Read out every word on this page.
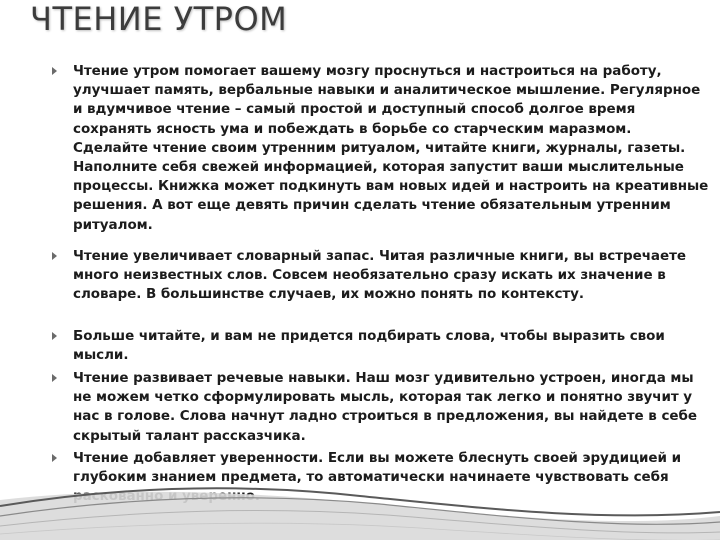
ЧТЕНИЕ УТРОМ
Чтение утром помогает вашему мозгу проснуться и настроиться на работу, улучшает память, вербальные навыки и аналитическое мышление. Регулярное и вдумчивое чтение – самый простой и доступный способ долгое время сохранять ясность ума и побеждать в борьбе со старческим маразмом. Сделайте чтение своим утренним ритуалом, читайте книги, журналы, газеты. Наполните себя свежей информацией, которая запустит ваши мыслительные процессы. Книжка может подкинуть вам новых идей и настроить на креативные решения. А вот еще девять причин сделать чтение обязательным утренним ритуалом.
Чтение увеличивает словарный запас. Читая различные книги, вы встречаете много неизвестных слов. Совсем необязательно сразу искать их значение в словаре. В большинстве случаев, их можно понять по контексту.
Больше читайте, и вам не придется подбирать слова, чтобы выразить свои мысли.
Чтение развивает речевые навыки. Наш мозг удивительно устроен, иногда мы не можем четко сформулировать мысль, которая так легко и понятно звучит у нас в голове. Слова начнут ладно строиться в предложения, вы найдете в себе скрытый талант рассказчика.
Чтение добавляет уверенности. Если вы можете блеснуть своей эрудицией и глубоким знанием предмета, то автоматически начинаете чувствовать себя
